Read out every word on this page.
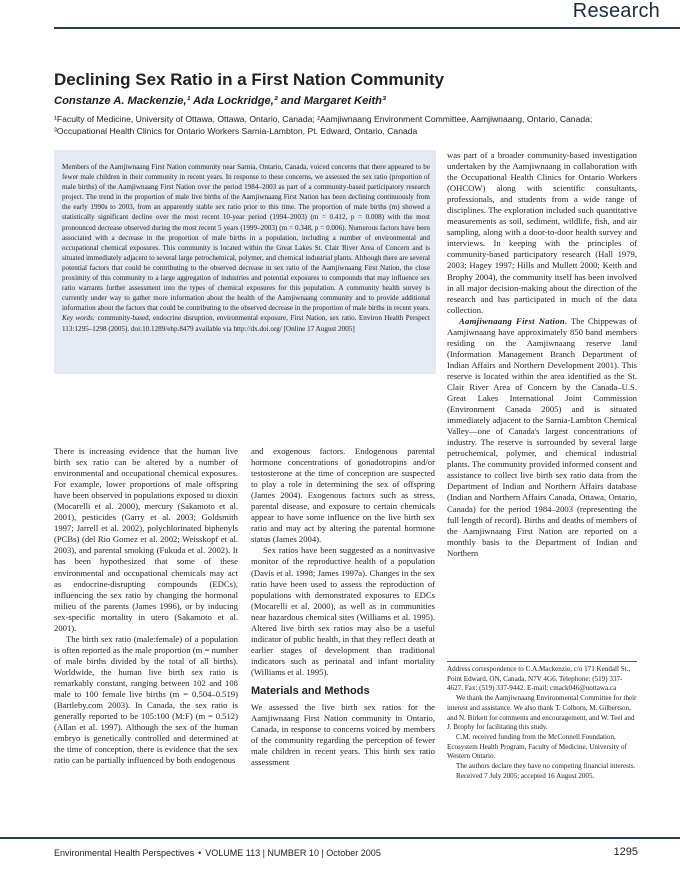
Research
Declining Sex Ratio in a First Nation Community
Constanze A. Mackenzie,¹ Ada Lockridge,² and Margaret Keith³
¹Faculty of Medicine, University of Ottawa, Ottawa, Ontario, Canada; ²Aamjiwnaang Environment Committee, Aamjiwnaang, Ontario, Canada; ³Occupational Health Clinics for Ontario Workers Sarnia-Lambton, Pt. Edward, Ontario, Canada
Members of the Aamjiwnaang First Nation community near Sarnia, Ontario, Canada, voiced concerns that there appeared to be fewer male children in their community in recent years. In response to these concerns, we assessed the sex ratio (proportion of male births) of the Aamjiwnaang First Nation over the period 1984–2003 as part of a community-based participatory research project. The trend in the proportion of male live births of the Aamjiwnaang First Nation has been declining continuously from the early 1990s to 2003, from an apparently stable sex ratio prior to this time. The proportion of male births (m) showed a statistically significant decline over the most recent 10-year period (1994–2003) (m = 0.412, p = 0.008) with the most pronounced decrease observed during the most recent 5 years (1999–2003) (m = 0.348, p = 0.006). Numerous factors have been associated with a decrease in the proportion of male births in a population, including a number of environmental and occupational chemical exposures. This community is located within the Great Lakes St. Clair River Area of Concern and is situated immediately adjacent to several large petrochemical, polymer, and chemical industrial plants. Although there are several potential factors that could be contributing to the observed decrease in sex ratio of the Aamjiwnaang First Nation, the close proximity of this community to a large aggregation of industries and potential exposures to compounds that may influence sex ratio warrants further assessment into the types of chemical exposures for this population. A community health survey is currently under way to gather more information about the health of the Aamjiwnaang community and to provide additional information about the factors that could be contributing to the observed decrease in the proportion of male births in recent years. Key words: community-based, endocrine disruption, environmental exposure, First Nation, sex ratio. Environ Health Perspect 113:1295–1298 (2005). doi:10.1289/ehp.8479 available via http://dx.doi.org/ [Online 17 August 2005]

There is increasing evidence that the human live birth sex ratio can be altered by a number of environmental and occupational chemical exposures. For example, lower proportions of male offspring have been observed in populations exposed to dioxin (Mocarelli et al. 2000), mercury (Sakamoto et al. 2001), pesticides (Garry et al. 2003; Goldsmith 1997; Jarrell et al. 2002), polychlorinated biphenyls (PCBs) (del Rio Gomez et al. 2002; Weisskopf et al. 2003), and parental smoking (Fukuda et al. 2002). It has been hypothesized that some of these environmental and occupational chemicals may act as endocrine-disrupting compounds (EDCs), influencing the sex ratio by changing the hormonal milieu of the parents (James 1996), or by inducing sex-specific mortality in utero (Sakamoto et al. 2001).

The birth sex ratio (male:female) of a population is often reported as the male proportion (m = number of male births divided by the total of all births). Worldwide, the human live birth sex ratio is remarkably constant, ranging between 102 and 108 male to 100 female live births (m = 0.504–0.519) (Bartleby.com 2003). In Canada, the sex ratio is generally reported to be 105:100 (M:F) (m = 0.512) (Allan et al. 1997). Although the sex of the human embryo is genetically controlled and determined at the time of conception, there is evidence that the sex ratio can be partially influenced by both endogenous

and exogenous factors. Endogenous parental hormone concentrations of gonadotropins and/or testosterone at the time of conception are suspected to play a role in determining the sex of offspring (James 2004). Exogenous factors such as stress, parental disease, and exposure to certain chemicals appear to have some influence on the live birth sex ratio and may act by altering the parental hormone status (James 2004).

Sex ratios have been suggested as a noninvasive monitor of the reproductive health of a population (Davis et al. 1998; James 1997a). Changes in the sex ratio have been used to assess the reproduction of populations with demonstrated exposures to EDCs (Mocarelli et al. 2000), as well as in communities near hazardous chemical sites (Williams et al. 1995). Altered live birth sex ratios may also be a useful indicator of public health, in that they reflect death at earlier stages of development than traditional indicators such as perinatal and infant mortality (Williams et al. 1995).

Materials and Methods

We assessed the live birth sex ratios for the Aamjiwnaang First Nation community in Ontario, Canada, in response to concerns voiced by members of the community regarding the perception of fewer male children in recent years. This birth sex ratio assessment

was part of a broader community-based investigation undertaken by the Aamjiwnaang in collaboration with the Occupational Health Clinics for Ontario Workers (OHCOW) along with scientific consultants, professionals, and students from a wide range of disciplines. The exploration included such quantitative measurements as soil, sediment, wildlife, fish, and air sampling, along with a door-to-door health survey and interviews. In keeping with the principles of community-based participatory research (Hall 1979, 2003; Hagey 1997; Hills and Mullett 2000; Keith and Brophy 2004), the community itself has been involved in all major decision-making about the direction of the research and has participated in much of the data collection.

Aamjiwnaang First Nation. The Chippewas of Aamjiwnaang have approximately 850 band members residing on the Aamjiwnaang reserve land (Information Management Branch Department of Indian Affairs and Northern Development 2001). This reserve is located within the area identified as the St. Clair River Area of Concern by the Canada–U.S. Great Lakes International Joint Commission (Environment Canada 2005) and is situated immediately adjacent to the Sarnia-Lambton Chemical Valley—one of Canada's largest concentrations of industry. The reserve is surrounded by several large petrochemical, polymer, and chemical industrial plants. The community provided informed consent and assistance to collect live birth sex ratio data from the Department of Indian and Northern Affairs database (Indian and Northern Affairs Canada, Ottawa, Ontario, Canada) for the period 1984–2003 (representing the full length of record). Births and deaths of members of the Aamjiwnaang First Nation are reported on a monthly basis to the Department of Indian and Northern

Address correspondence to C.A.Mackenzie, c/o 171 Kendall St., Point Edward, ON, Canada, N7V 4G6. Telephone: (519) 337-4627. Fax: (519) 337-9442. E-mail: cmack046@uottawa.ca

We thank the Aamjiwnaang Environmental Committee for their interest and assistance. We also thank T. Colborn, M. Gilbertson, and N. Birkett for comments and encouragement, and W. Teel and J. Brophy for facilitating this study.

C.M. received funding from the McConnell Foundation, Ecosystem Health Program, Faculty of Medicine, University of Western Ontario.

The authors declare they have no competing financial interests.

Received 7 July 2005; accepted 16 August 2005.

Environmental Health Perspectives • VOLUME 113 | NUMBER 10 | October 2005	1295
